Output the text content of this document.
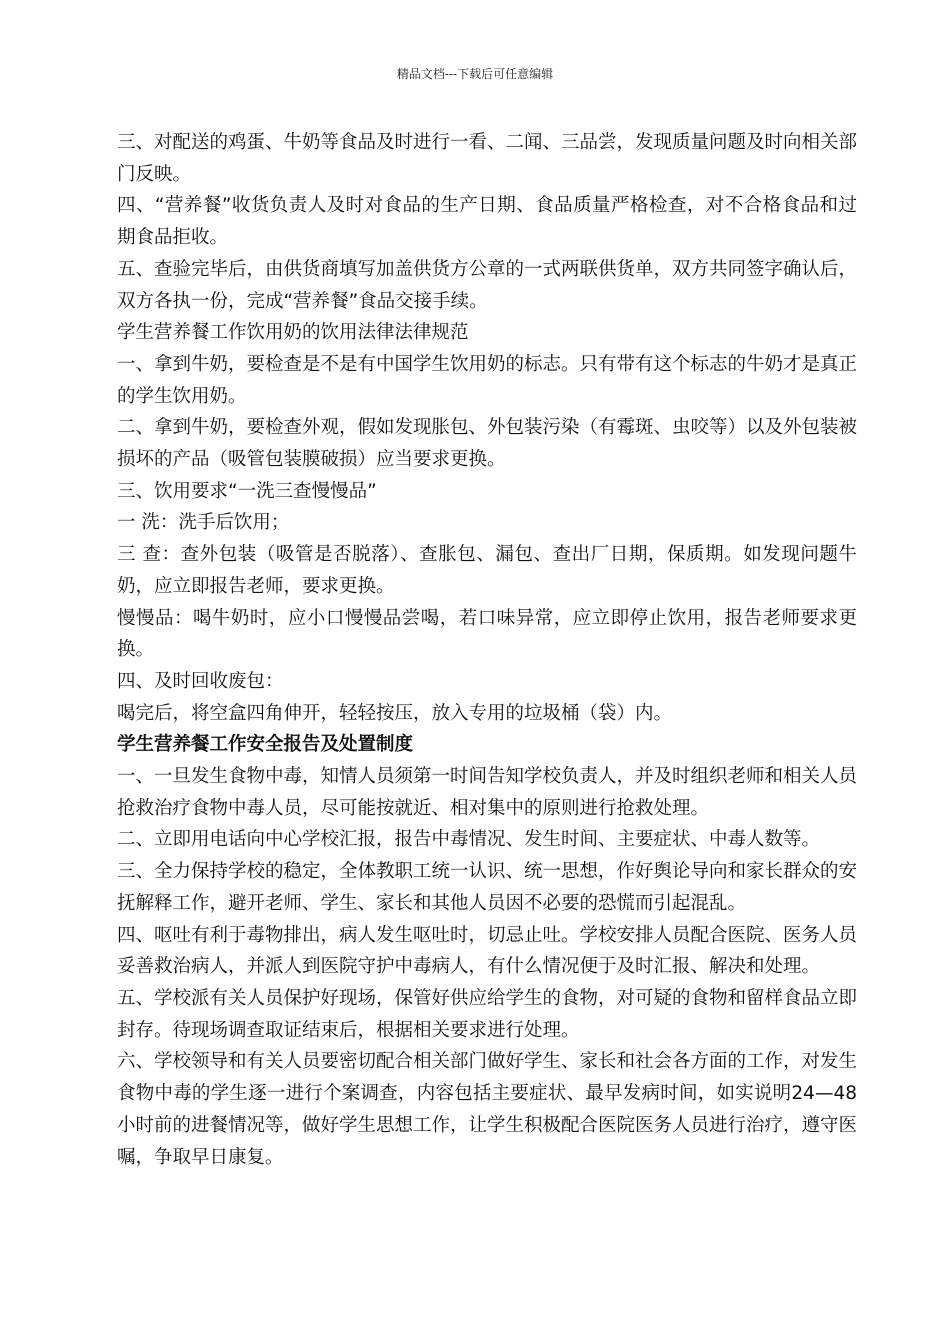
精品文档---下载后可任意编辑

三、对配送的鸡蛋、牛奶等食品及时进行一看、二闻、三品尝，发现质量问题及时向相关部门反映。

四、“营养餐”收货负责人及时对食品的生产日期、食品质量严格检查，对不合格食品和过期食品拒收。

五、查验完毕后，由供货商填写加盖供货方公章的一式两联供货单，双方共同签字确认后，双方各执一份，完成“营养餐”食品交接手续。

学生营养餐工作饮用奶的饮用法律法律规范

一、拿到牛奶，要检查是不是有中国学生饮用奶的标志。只有带有这个标志的牛奶才是真正的学生饮用奶。

二、拿到牛奶，要检查外观，假如发现胀包、外包装污染（有霉斑、虫咬等）以及外包装被损坏的产品（吸管包装膜破损）应当要求更换。

三、饮用要求“一洗三查慢慢品”

一 洗：洗手后饮用；

三 查：查外包装（吸管是否脱落）、查胀包、漏包、查出厂日期，保质期。如发现问题牛奶，应立即报告老师，要求更换。

慢慢品：喝牛奶时，应小口慢慢品尝喝，若口味异常，应立即停止饮用，报告老师要求更换。

四、及时回收废包：

喝完后，将空盒四角伸开，轻轻按压，放入专用的垃圾桶（袋）内。

学生营养餐工作安全报告及处置制度

一、一旦发生食物中毒，知情人员须第一时间告知学校负责人，并及时组织老师和相关人员抢救治疗食物中毒人员，尽可能按就近、相对集中的原则进行抢救处理。

二、立即用电话向中心学校汇报，报告中毒情况、发生时间、主要症状、中毒人数等。

三、全力保持学校的稳定，全体教职工统一认识、统一思想，作好舆论导向和家长群众的安抚解释工作，避开老师、学生、家长和其他人员因不必要的恐慌而引起混乱。

四、呕吐有利于毒物排出，病人发生呕吐时，切忌止吐。学校安排人员配合医院、医务人员妥善救治病人，并派人到医院守护中毒病人，有什么情况便于及时汇报、解决和处理。

五、学校派有关人员保护好现场，保管好供应给学生的食物，对可疑的食物和留样食品立即封存。待现场调查取证结束后，根据相关要求进行处理。

六、学校领导和有关人员要密切配合相关部门做好学生、家长和社会各方面的工作，对发生食物中毒的学生逐一进行个案调查，内容包括主要症状、最早发病时间，如实说明24—48 小时前的进餐情况等，做好学生思想工作，让学生积极配合医院医务人员进行治疗，遵守医嘱，争取早日康复。
